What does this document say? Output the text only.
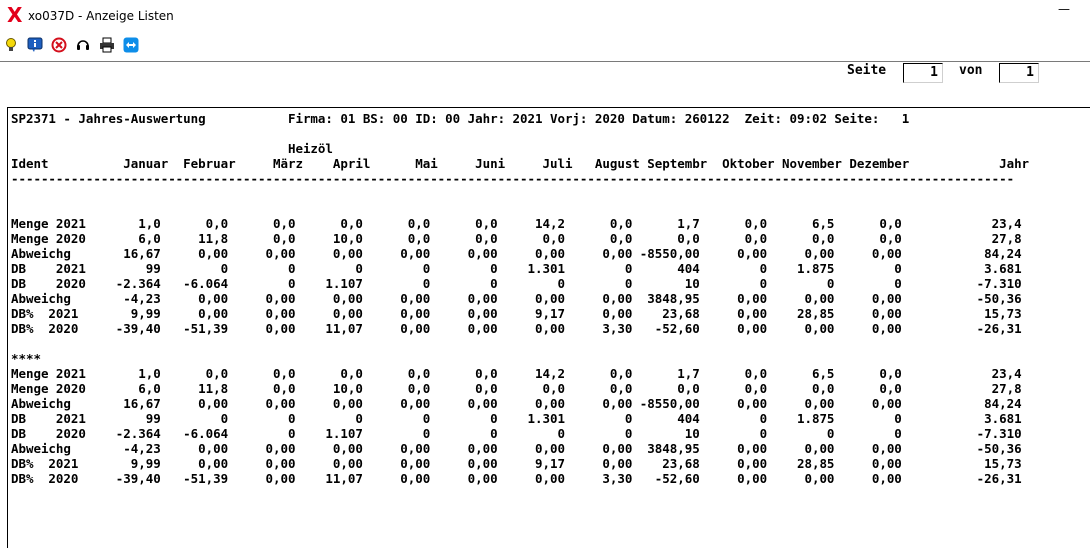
X xo037D - Anzeige Listen	—
Seite	1	von	1
SP2371 - Jahres-Auswertung           Firma: 01 BS: 00 ID: 00 Jahr: 2021 Vorj: 2020 Datum: 260122  Zeit: 09:02 Seite:   1
Heizöl
Ident          Januar  Februar     März    April      Mai     Juni     Juli   August Septembr  Oktober November Dezember            Jahr
--------------------------------------------------------------------------------------------------------------------------------------
Menge 2021       1,0      0,0      0,0      0,0      0,0      0,0     14,2      0,0      1,7      0,0      6,5      0,0            23,4
Menge 2020       6,0     11,8      0,0     10,0      0,0      0,0      0,0      0,0      0,0      0,0      0,0      0,0            27,8
Abweichg       16,67     0,00     0,00     0,00     0,00     0,00     0,00     0,00 -8550,00     0,00     0,00     0,00           84,24
DB    2021        99        0        0        0        0        0    1.301        0      404        0    1.875        0           3.681
DB    2020    -2.364   -6.064        0    1.107        0        0        0        0       10        0        0        0          -7.310
Abweichg       -4,23     0,00     0,00     0,00     0,00     0,00     0,00     0,00  3848,95     0,00     0,00     0,00          -50,36
DB%  2021       9,99     0,00     0,00     0,00     0,00     0,00     9,17     0,00    23,68     0,00    28,85     0,00           15,73
DB%  2020     -39,40   -51,39     0,00    11,07     0,00     0,00     0,00     3,30   -52,60     0,00     0,00     0,00          -26,31
****
Menge 2021       1,0      0,0      0,0      0,0      0,0      0,0     14,2      0,0      1,7      0,0      6,5      0,0            23,4
Menge 2020       6,0     11,8      0,0     10,0      0,0      0,0      0,0      0,0      0,0      0,0      0,0      0,0            27,8
Abweichg       16,67     0,00     0,00     0,00     0,00     0,00     0,00     0,00 -8550,00     0,00     0,00     0,00           84,24
DB    2021        99        0        0        0        0        0    1.301        0      404        0    1.875        0           3.681
DB    2020    -2.364   -6.064        0    1.107        0        0        0        0       10        0        0        0          -7.310
Abweichg       -4,23     0,00     0,00     0,00     0,00     0,00     0,00     0,00  3848,95     0,00     0,00     0,00          -50,36
DB%  2021       9,99     0,00     0,00     0,00     0,00     0,00     9,17     0,00    23,68     0,00    28,85     0,00           15,73
DB%  2020     -39,40   -51,39     0,00    11,07     0,00     0,00     0,00     3,30   -52,60     0,00     0,00     0,00          -26,31
